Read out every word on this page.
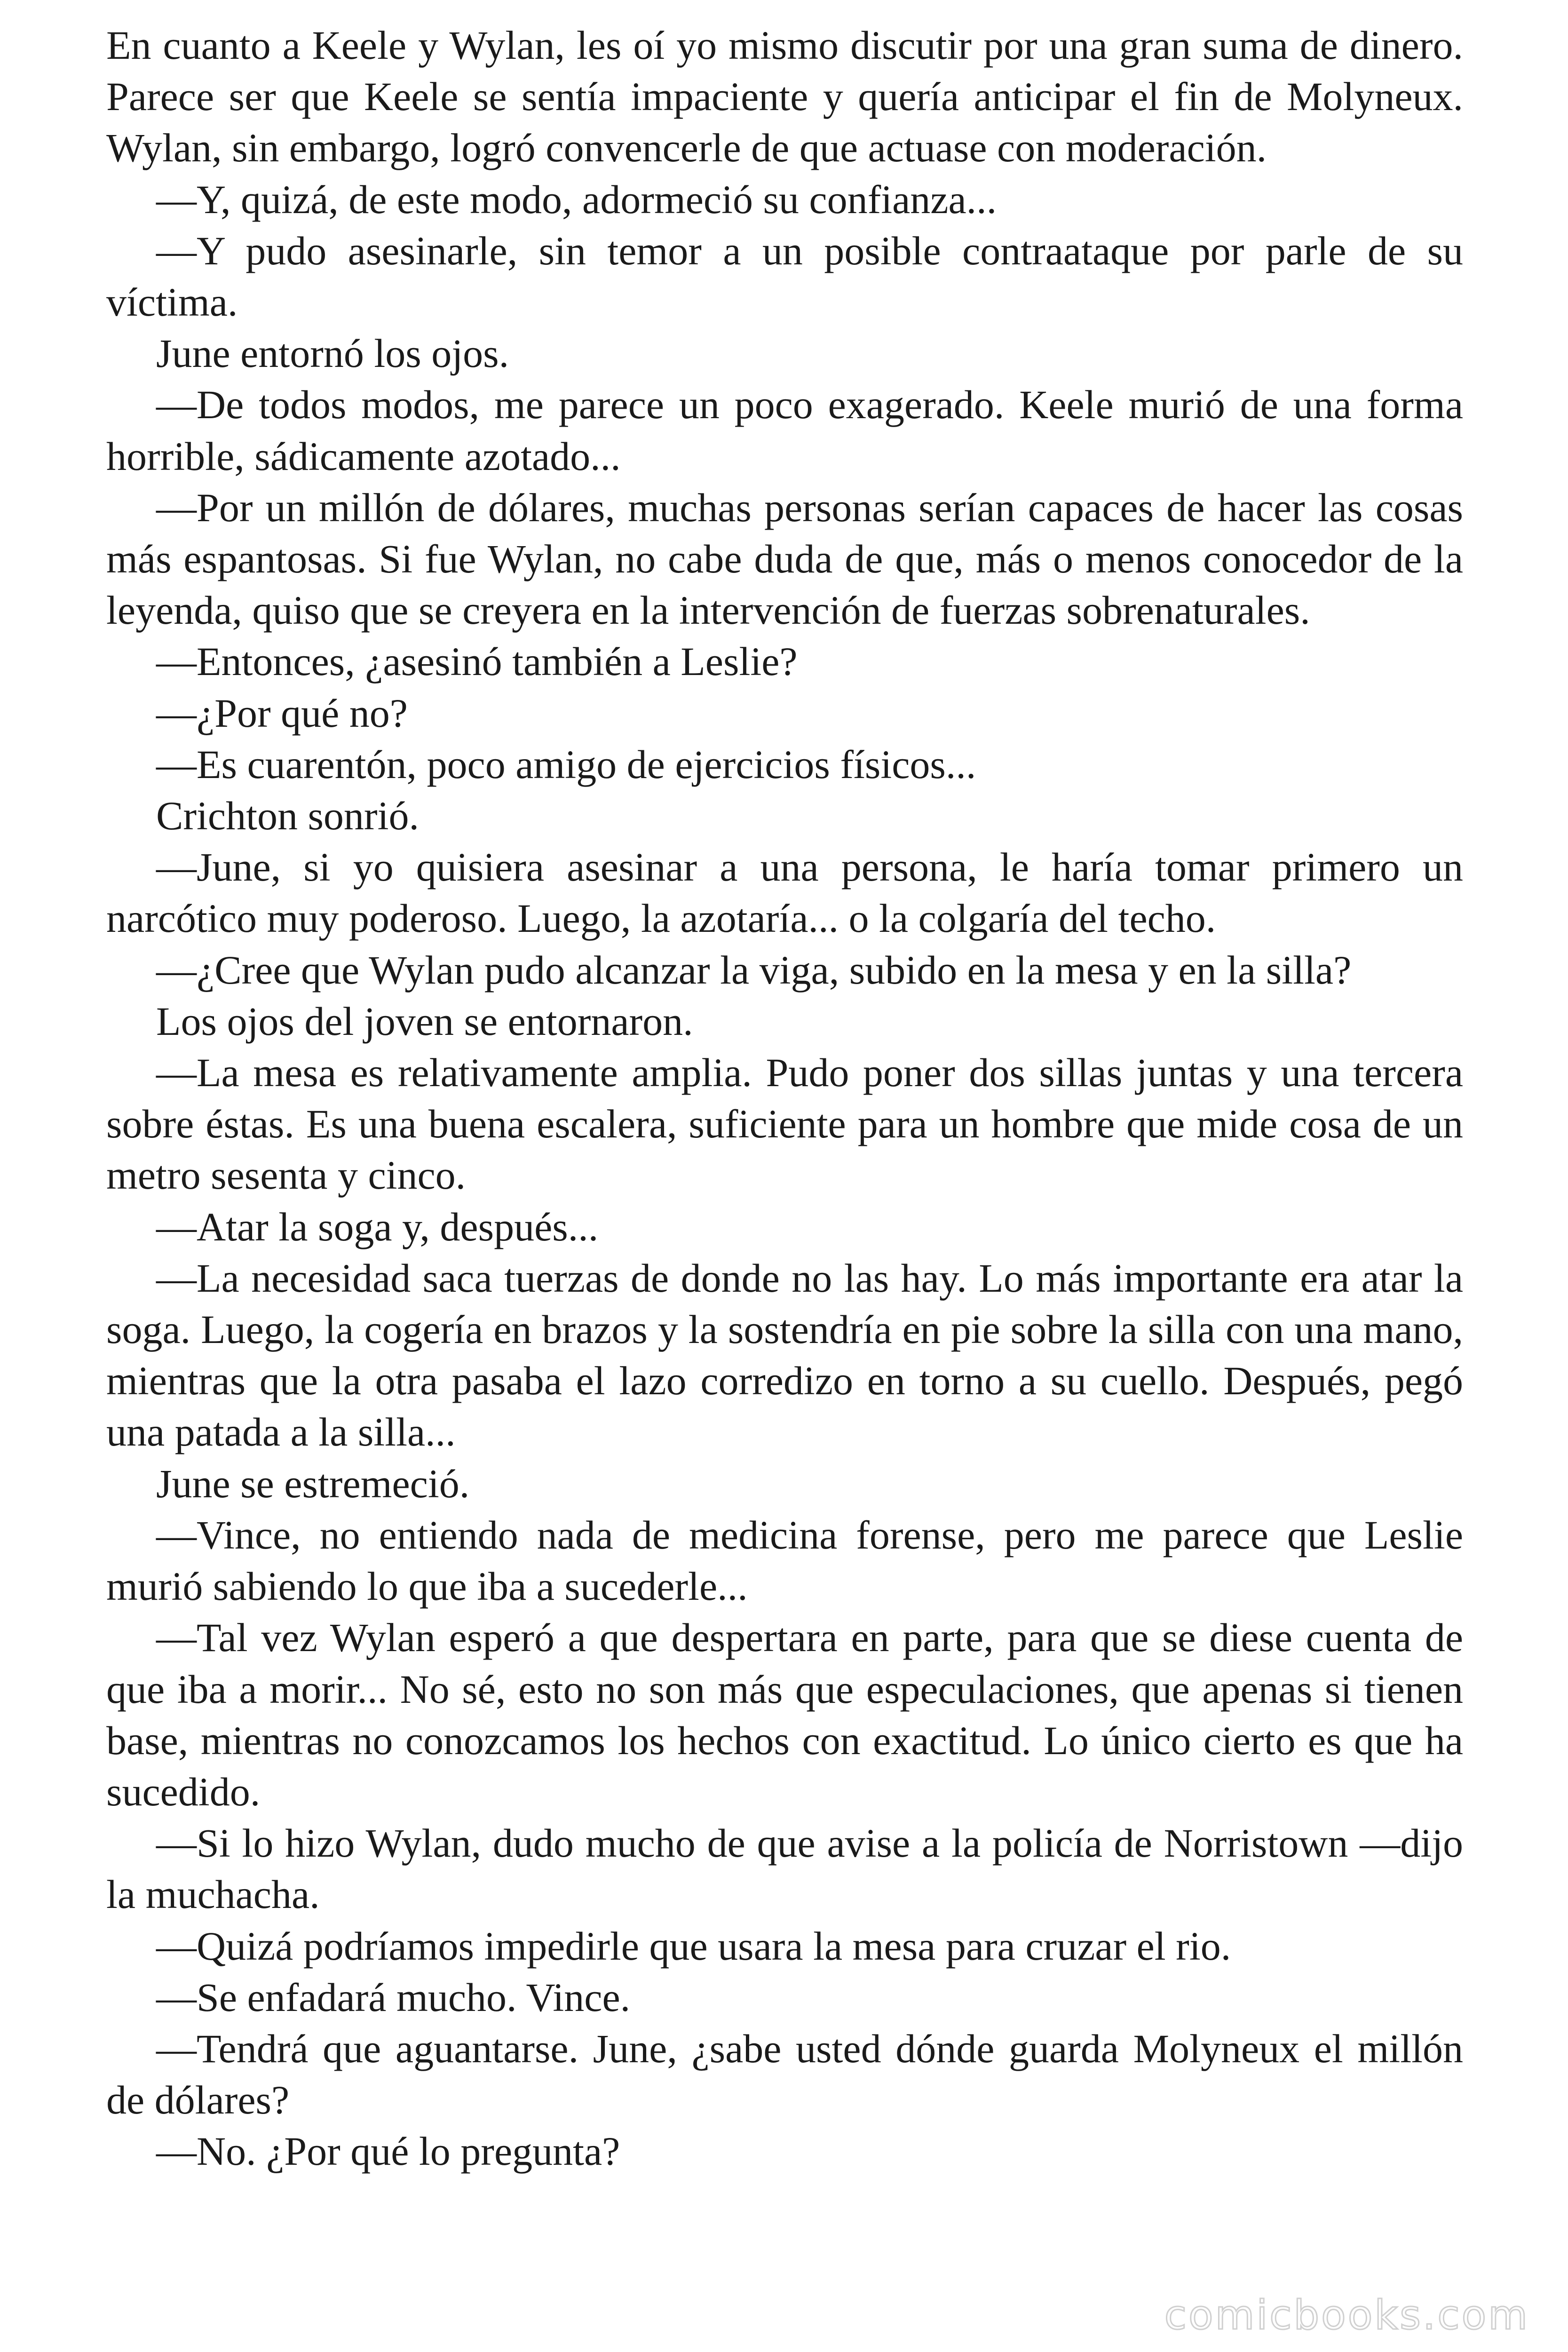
En cuanto a Keele y Wylan, les oí yo mismo discutir por una gran suma de dinero. Parece ser que Keele se sentía impaciente y quería anticipar el fin de Molyneux. Wylan, sin embargo, logró convencerle de que actuase con moderación.

—Y, quizá, de este modo, adormeció su confianza...

—Y pudo asesinarle, sin temor a un posible contraataque por parle de su víctima.

June entornó los ojos.

—De todos modos, me parece un poco exagerado. Keele murió de una forma horrible, sádicamente azotado...

—Por un millón de dólares, muchas personas serían capaces de hacer las cosas más espantosas. Si fue Wylan, no cabe duda de que, más o menos conocedor de la leyenda, quiso que se creyera en la intervención de fuerzas sobrenaturales.

—Entonces, ¿asesinó también a Leslie?

—¿Por qué no?

—Es cuarentón, poco amigo de ejercicios físicos...

Crichton sonrió.

—June, si yo quisiera asesinar a una persona, le haría tomar primero un narcótico muy poderoso. Luego, la azotaría... o la colgaría del techo.

—¿Cree que Wylan pudo alcanzar la viga, subido en la mesa y en la silla?

Los ojos del joven se entornaron.

—La mesa es relativamente amplia. Pudo poner dos sillas juntas y una tercera sobre éstas. Es una buena escalera, suficiente para un hombre que mide cosa de un metro sesenta y cinco.

—Atar la soga y, después...

—La necesidad saca tuerzas de donde no las hay. Lo más importante era atar la soga. Luego, la cogería en brazos y la sostendría en pie sobre la silla con una mano, mientras que la otra pasaba el lazo corredizo en torno a su cuello. Después, pegó una patada a la silla...

June se estremeció.

—Vince, no entiendo nada de medicina forense, pero me parece que Leslie murió sabiendo lo que iba a sucederle...

—Tal vez Wylan esperó a que despertara en parte, para que se diese cuenta de que iba a morir... No sé, esto no son más que especulaciones, que apenas si tienen base, mientras no conozcamos los hechos con exactitud. Lo único cierto es que ha sucedido.

—Si lo hizo Wylan, dudo mucho de que avise a la policía de Norristown —dijo la muchacha.

—Quizá podríamos impedirle que usara la mesa para cruzar el rio.

—Se enfadará mucho. Vince.

—Tendrá que aguantarse. June, ¿sabe usted dónde guarda Molyneux el millón de dólares?

—No. ¿Por qué lo pregunta?

comicbooks.com
